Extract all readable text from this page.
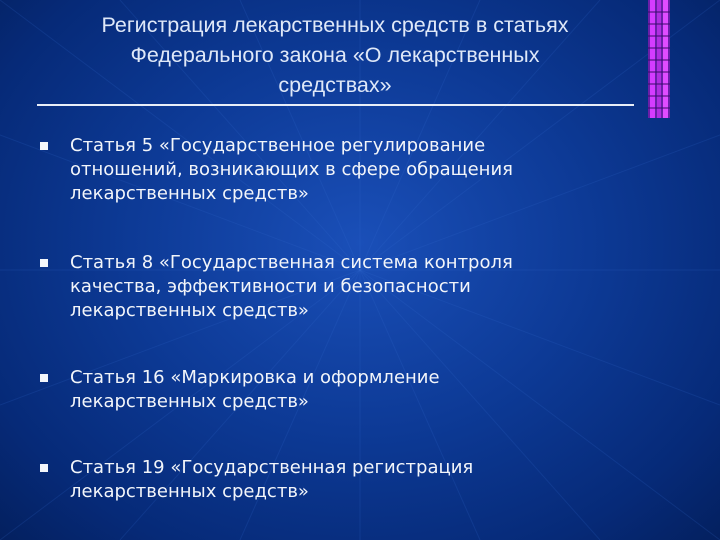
Регистрация лекарственных средств в статьях
Федерального закона «О лекарственных
средствах»
Статья 5 «Государственное регулирование
отношений, возникающих в сфере обращения
лекарственных средств»
Статья 8 «Государственная система контроля
качества, эффективности и безопасности
лекарственных средств»
Статья 16 «Маркировка и оформление
лекарственных средств»
Статья 19 «Государственная регистрация
лекарственных средств»
